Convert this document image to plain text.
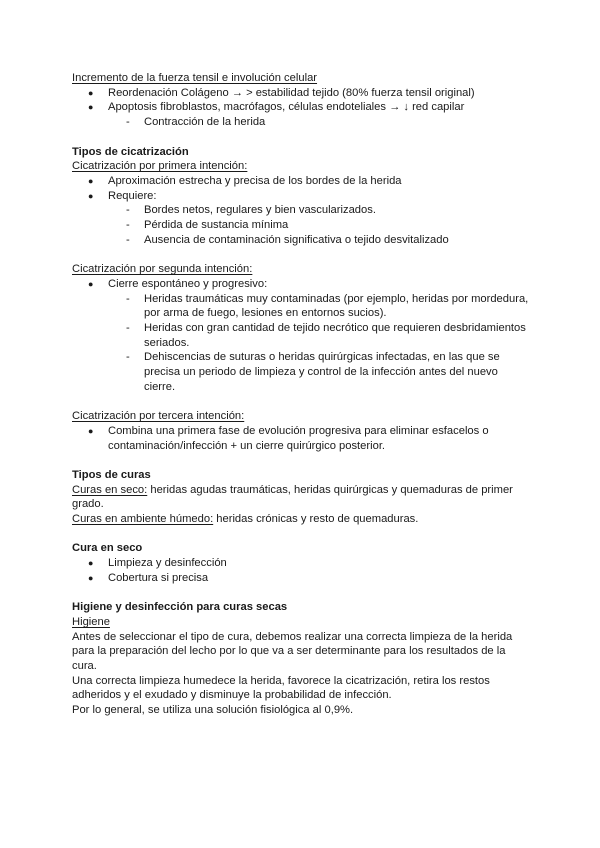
Incremento de la fuerza tensil e involución celular
● Reordenación Colágeno → > estabilidad tejido (80% fuerza tensil original)
● Apoptosis fibroblastos, macrófagos, células endoteliales → ↓ red capilar
- Contracción de la herida
Tipos de cicatrización
Cicatrización por primera intención:
● Aproximación estrecha y precisa de los bordes de la herida
● Requiere:
- Bordes netos, regulares y bien vascularizados.
- Pérdida de sustancia mínima
- Ausencia de contaminación significativa o tejido desvitalizado
Cicatrización por segunda intención:
● Cierre espontáneo y progresivo:
- Heridas traumáticas muy contaminadas (por ejemplo, heridas por mordedura,
por arma de fuego, lesiones en entornos sucios).
- Heridas con gran cantidad de tejido necrótico que requieren desbridamientos
seriados.
- Dehiscencias de suturas o heridas quirúrgicas infectadas, en las que se
precisa un periodo de limpieza y control de la infección antes del nuevo
cierre.
Cicatrización por tercera intención:
● Combina una primera fase de evolución progresiva para eliminar esfacelos o
contaminación/infección + un cierre quirúrgico posterior.
Tipos de curas
Curas en seco: heridas agudas traumáticas, heridas quirúrgicas y quemaduras de primer
grado.
Curas en ambiente húmedo: heridas crónicas y resto de quemaduras.
Cura en seco
● Limpieza y desinfección
● Cobertura si precisa
Higiene y desinfección para curas secas
Higiene
Antes de seleccionar el tipo de cura, debemos realizar una correcta limpieza de la herida
para la preparación del lecho por lo que va a ser determinante para los resultados de la
cura.
Una correcta limpieza humedece la herida, favorece la cicatrización, retira los restos
adheridos y el exudado y disminuye la probabilidad de infección.
Por lo general, se utiliza una solución fisiológica al 0,9%.
